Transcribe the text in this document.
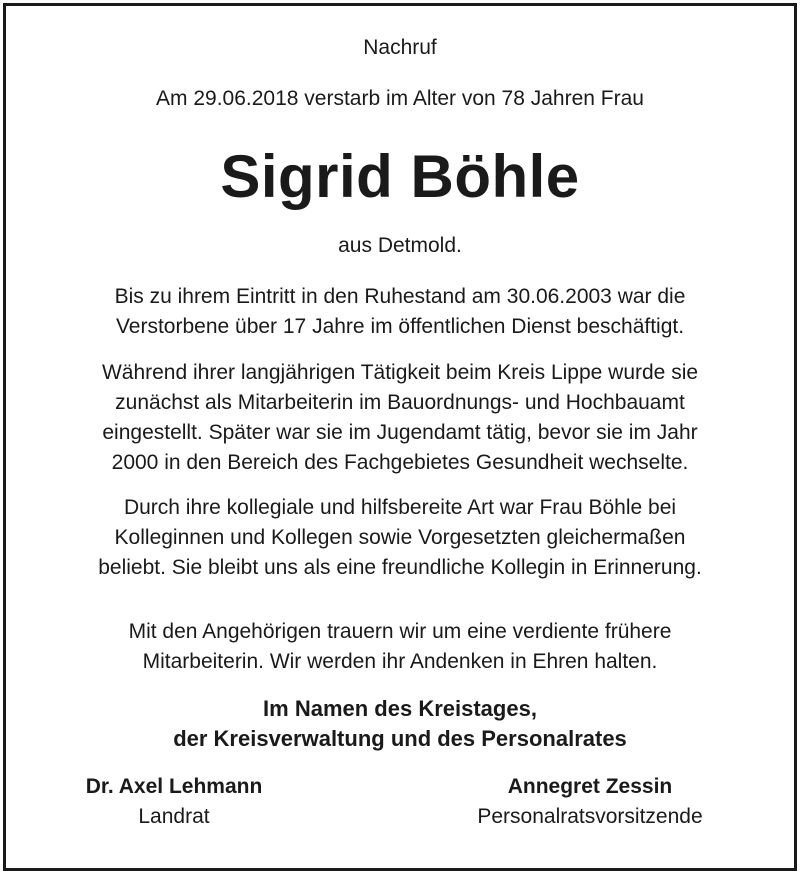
Nachruf
Am 29.06.2018 verstarb im Alter von 78 Jahren Frau
Sigrid Böhle
aus Detmold.
Bis zu ihrem Eintritt in den Ruhestand am 30.06.2003 war die
Verstorbene über 17 Jahre im öffentlichen Dienst beschäftigt.
Während ihrer langjährigen Tätigkeit beim Kreis Lippe wurde sie
zunächst als Mitarbeiterin im Bauordnungs- und Hochbauamt
eingestellt. Später war sie im Jugendamt tätig, bevor sie im Jahr
2000 in den Bereich des Fachgebietes Gesundheit wechselte.
Durch ihre kollegiale und hilfsbereite Art war Frau Böhle bei
Kolleginnen und Kollegen sowie Vorgesetzten gleichermaßen
beliebt. Sie bleibt uns als eine freundliche Kollegin in Erinnerung.
Mit den Angehörigen trauern wir um eine verdiente frühere
Mitarbeiterin. Wir werden ihr Andenken in Ehren halten.
Im Namen des Kreistages,
der Kreisverwaltung und des Personalrates
Dr. Axel Lehmann
Landrat
Annegret Zessin
Personalratsvorsitzende
